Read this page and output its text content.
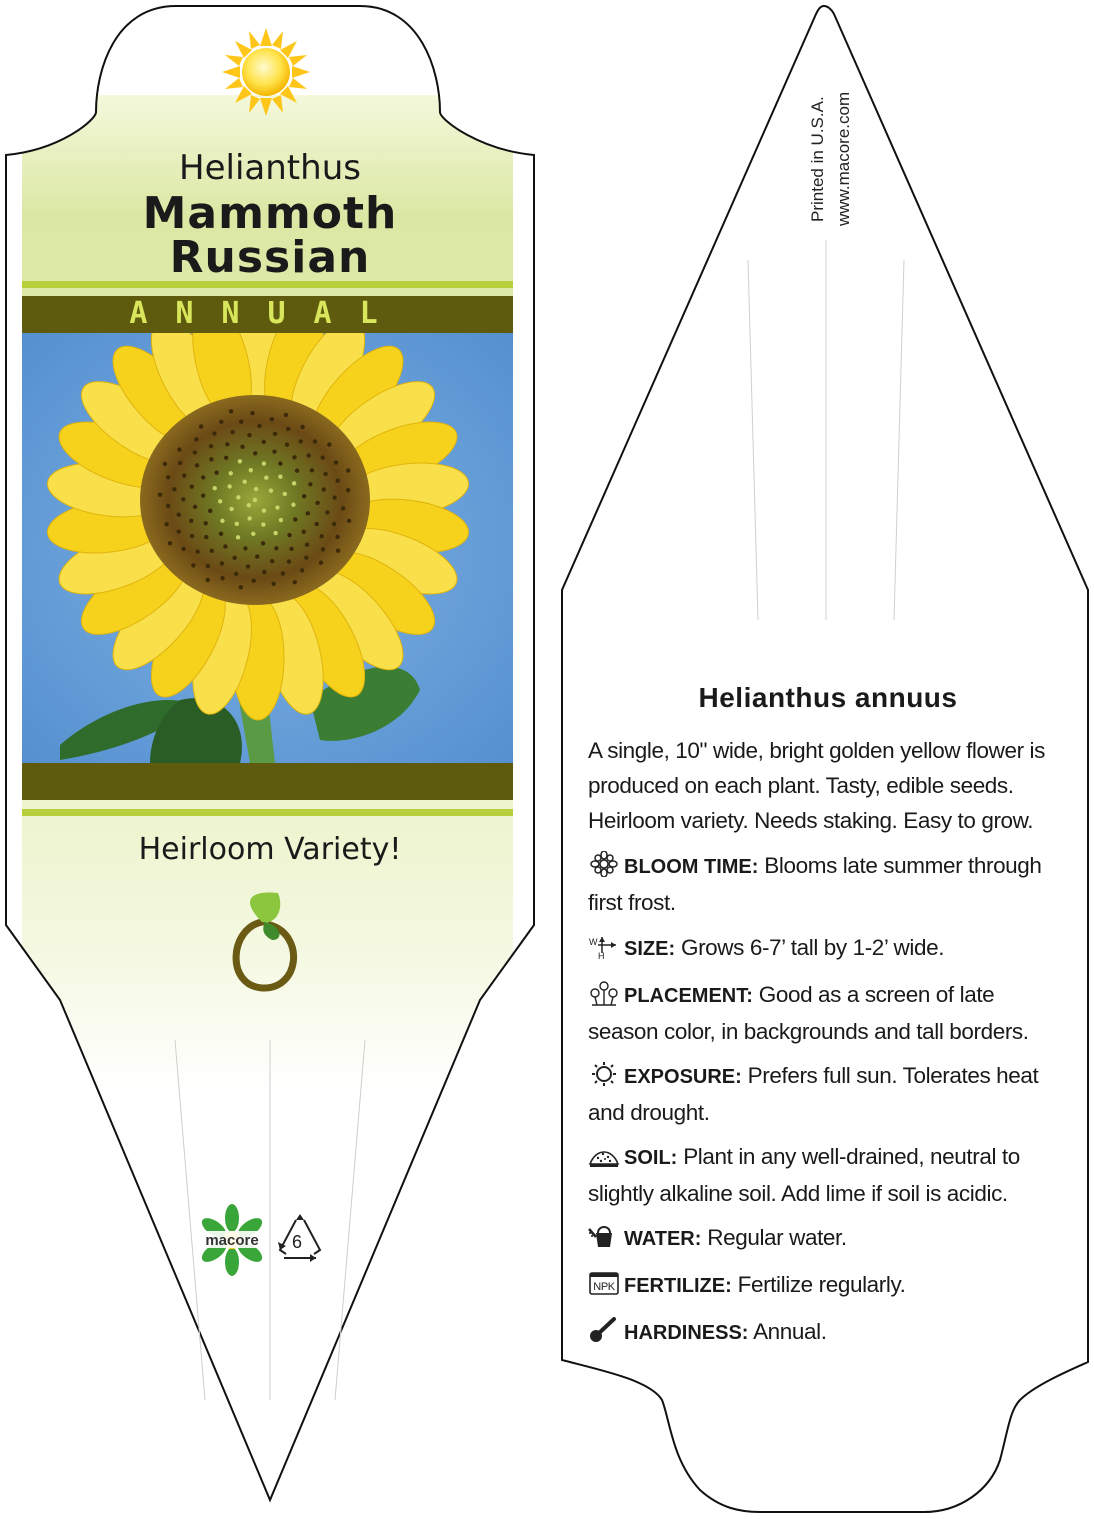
macore
Helianthus
Mammoth
Russian
ANNUAL
Heirloom Variety!
6
Printed in U.S.A. www.macore.com
Helianthus annuus
A single, 10" wide, bright golden yellow flower is produced on each plant. Tasty, edible seeds. Heirloom variety. Needs staking. Easy to grow.
BLOOM TIME: Blooms late summer through first frost.
W
H SIZE: Grows 6-7’ tall by 1-2’ wide.
PLACEMENT: Good as a screen of late season color, in backgrounds and tall borders.
EXPOSURE: Prefers full sun. Tolerates heat and drought.
SOIL: Plant in any well-drained, neutral to slightly alkaline soil. Add lime if soil is acidic.
WATER: Regular water.
NPK FERTILIZE: Fertilize regularly.
HARDINESS: Annual.
